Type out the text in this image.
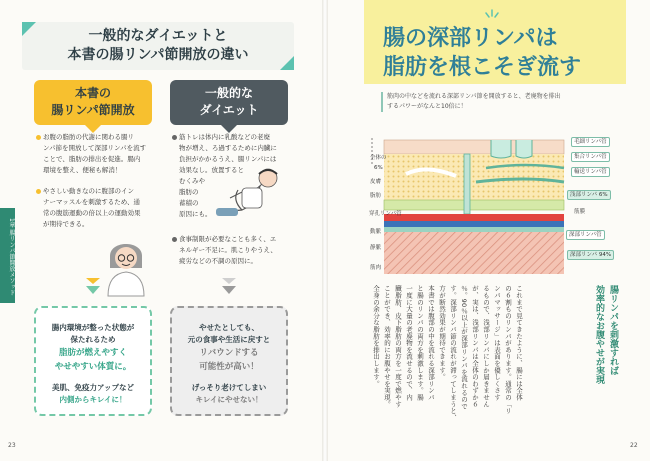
1章 腸リンパ節開放メソッド
一般的なダイエットと
本書の腸リンパ節開放の違い
本書の
腸リンパ節開放
お腹の脂肪の代謝に関わる腸リ
ンパ節を開放して深部リンパを流す
ことで、脂肪の排出を促進。腸内
環境を整え、便秘も解消！
やさしい動きなのに腹部のイン
ナーマッスルを刺激するため、通
常の腹筋運動の倍以上の運動効果
が期待できる。
一般的な
ダイエット
筋トレは体内に乳酸などの老廃
物が増え、ろ過するために内臓に
負担がかかるうえ、腸リンパには
効果なし。放置すると
むくみや
脂肪の
蓄積の
原因にも。
食事制限が必要なことも多く、エ
ネルギー不足に。肌こりやうえ、
疲労などの不調の原因に。
腸内環境が整った状態が
保たれるため
脂肪が燃えやすく
やせやすい体質に。
美肌、免疫力アップなど
内側からキレイに！
やせたとしても、
元の食事や生活に戻すと
リバウンドする
可能性が高い！
げっそり老けてしまい
キレイにやせない！
23
腸の深部リンパは
脂肪を根こそぎ流す
筋肉の中などを流れる深部リンパ節を開放すると、老廃物を排出
するパワーがなんと10倍に！
全体の
6%
皮膚
脂肪
穿孔リンパ管
動脈
静脈
筋肉
毛細リンパ管
集合リンパ管
輸送リンパ管
浅部リンパ 6%
筋膜
深部リンパ管
深部リンパ 94%
腸リンパを刺激すれば
効率的なお腹やせが実現
これまで見てきたように、腸には全体
の６割ものリンパがあります。通常の「リ
ンパマッサージ」は表面を優しくさす
るもので、浅部リンパにしか届きません
が、実は、浅部リンパは全体のわずか６
％。90％以上が深部リンパを流れるので
す。深部リンパ節の流れが滞ってしまうと、
方が断然効果が期待できます。
本書では腹部の中を流れる深部リンパ
と腸のリンパの両方を刺激します。腸
一度に大量の老廃物を流せるので、内
臓脂肪、皮下脂肪の両方を一度で燃やす
ことができ、効率的にお腹やせを実現。
全身の余分な脂肪を排出します。
22
